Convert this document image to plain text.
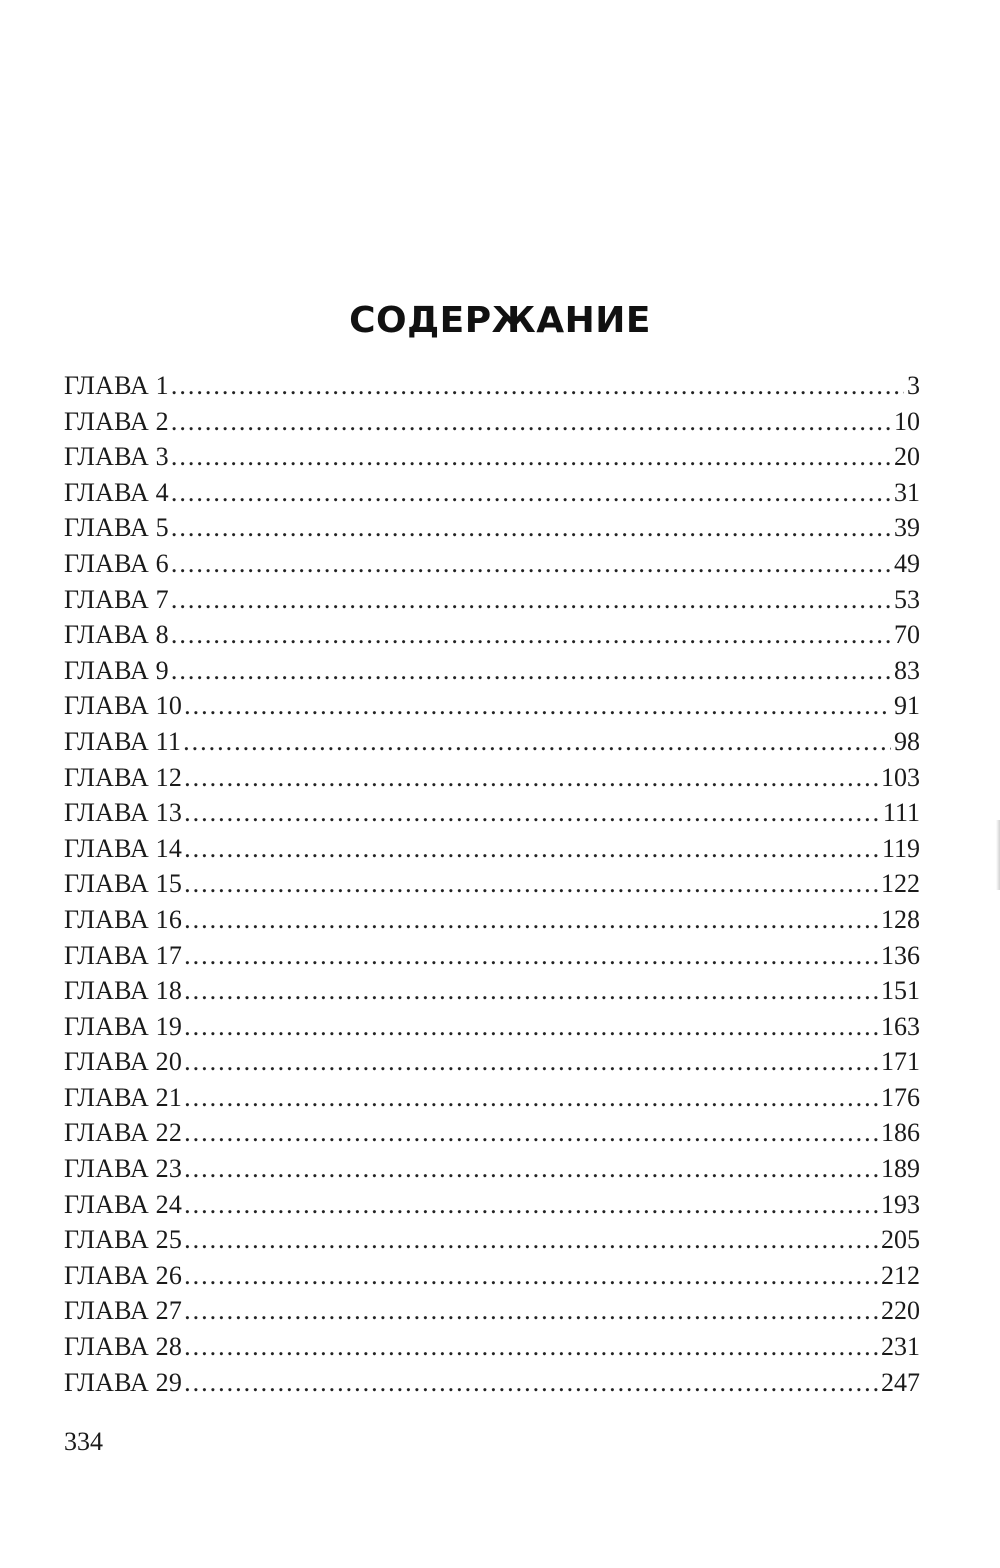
СОДЕРЖАНИЕ
ГЛАВА 1 .....	3
ГЛАВА 2 .....	10
ГЛАВА 3 .....	20
ГЛАВА 4 .....	31
ГЛАВА 5 .....	39
ГЛАВА 6 .....	49
ГЛАВА 7 .....	53
ГЛАВА 8 .....	70
ГЛАВА 9 .....	83
ГЛАВА 10 .....	91
ГЛАВА 11 .....	98
ГЛАВА 12 .....	103
ГЛАВА 13 .....	111
ГЛАВА 14 .....	119
ГЛАВА 15 .....	122
ГЛАВА 16 .....	128
ГЛАВА 17 .....	136
ГЛАВА 18 .....	151
ГЛАВА 19 .....	163
ГЛАВА 20 .....	171
ГЛАВА 21 .....	176
ГЛАВА 22 .....	186
ГЛАВА 23 .....	189
ГЛАВА 24 .....	193
ГЛАВА 25 .....	205
ГЛАВА 26 .....	212
ГЛАВА 27 .....	220
ГЛАВА 28 .....	231
ГЛАВА 29 .....	247
334
